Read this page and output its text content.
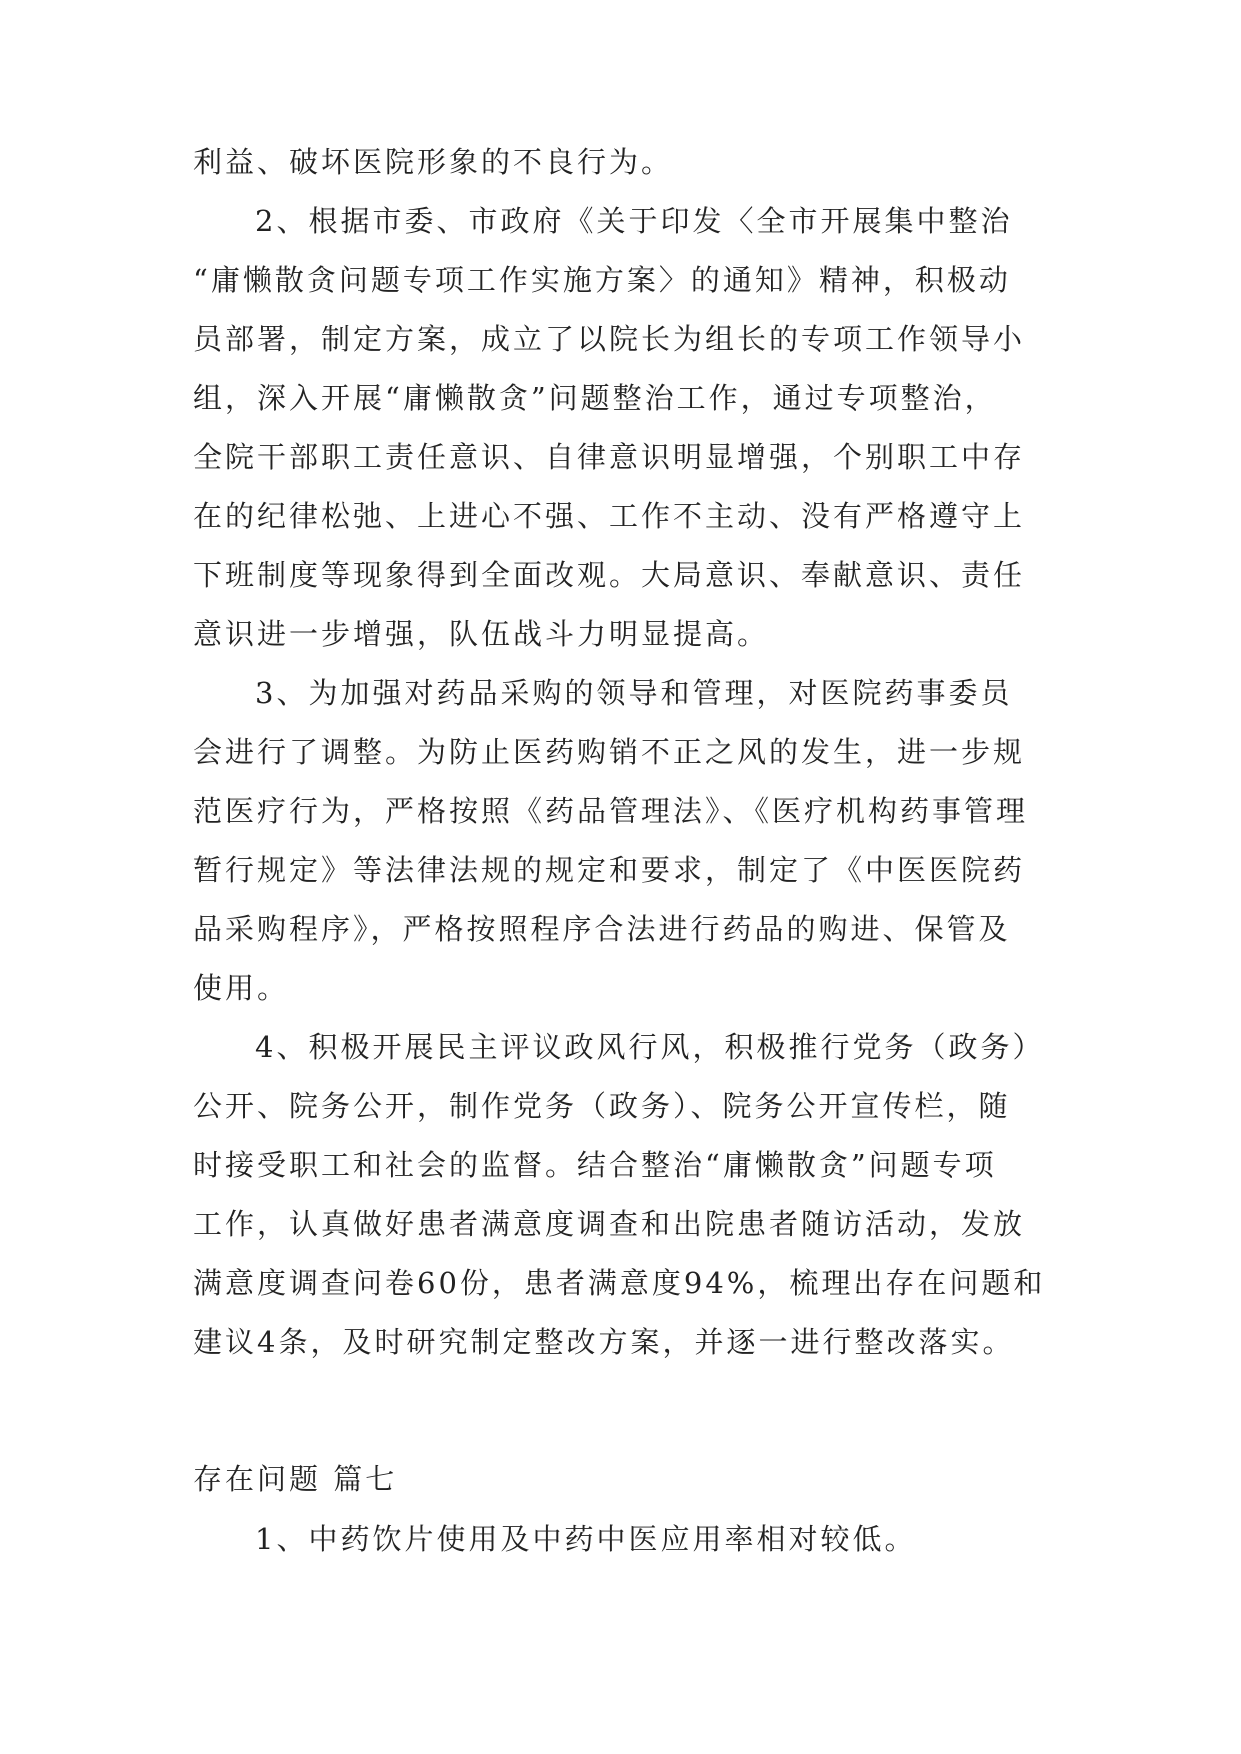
利益、破坏医院形象的不良行为。
2、根据市委、市政府《关于印发〈全市开展集中整治
“庸懒散贪问题专项工作实施方案〉的通知》精神，积极动
员部署，制定方案，成立了以院长为组长的专项工作领导小
组，深入开展“庸懒散贪”问题整治工作，通过专项整治，
全院干部职工责任意识、自律意识明显增强，个别职工中存
在的纪律松弛、上进心不强、工作不主动、没有严格遵守上
下班制度等现象得到全面改观。大局意识、奉献意识、责任
意识进一步增强，队伍战斗力明显提高。
3、为加强对药品采购的领导和管理，对医院药事委员
会进行了调整。为防止医药购销不正之风的发生，进一步规
范医疗行为，严格按照《药品管理法》、《医疗机构药事管理
暂行规定》等法律法规的规定和要求，制定了《中医医院药
品采购程序》，严格按照程序合法进行药品的购进、保管及
使用。
4、积极开展民主评议政风行风，积极推行党务（政务）
公开、院务公开，制作党务（政务）、院务公开宣传栏，随
时接受职工和社会的监督。结合整治“庸懒散贪”问题专项
工作，认真做好患者满意度调查和出院患者随访活动，发放
满意度调查问卷60份，患者满意度94%，梳理出存在问题和
建议4条，及时研究制定整改方案，并逐一进行整改落实。
存在问题 篇七
1、中药饮片使用及中药中医应用率相对较低。
